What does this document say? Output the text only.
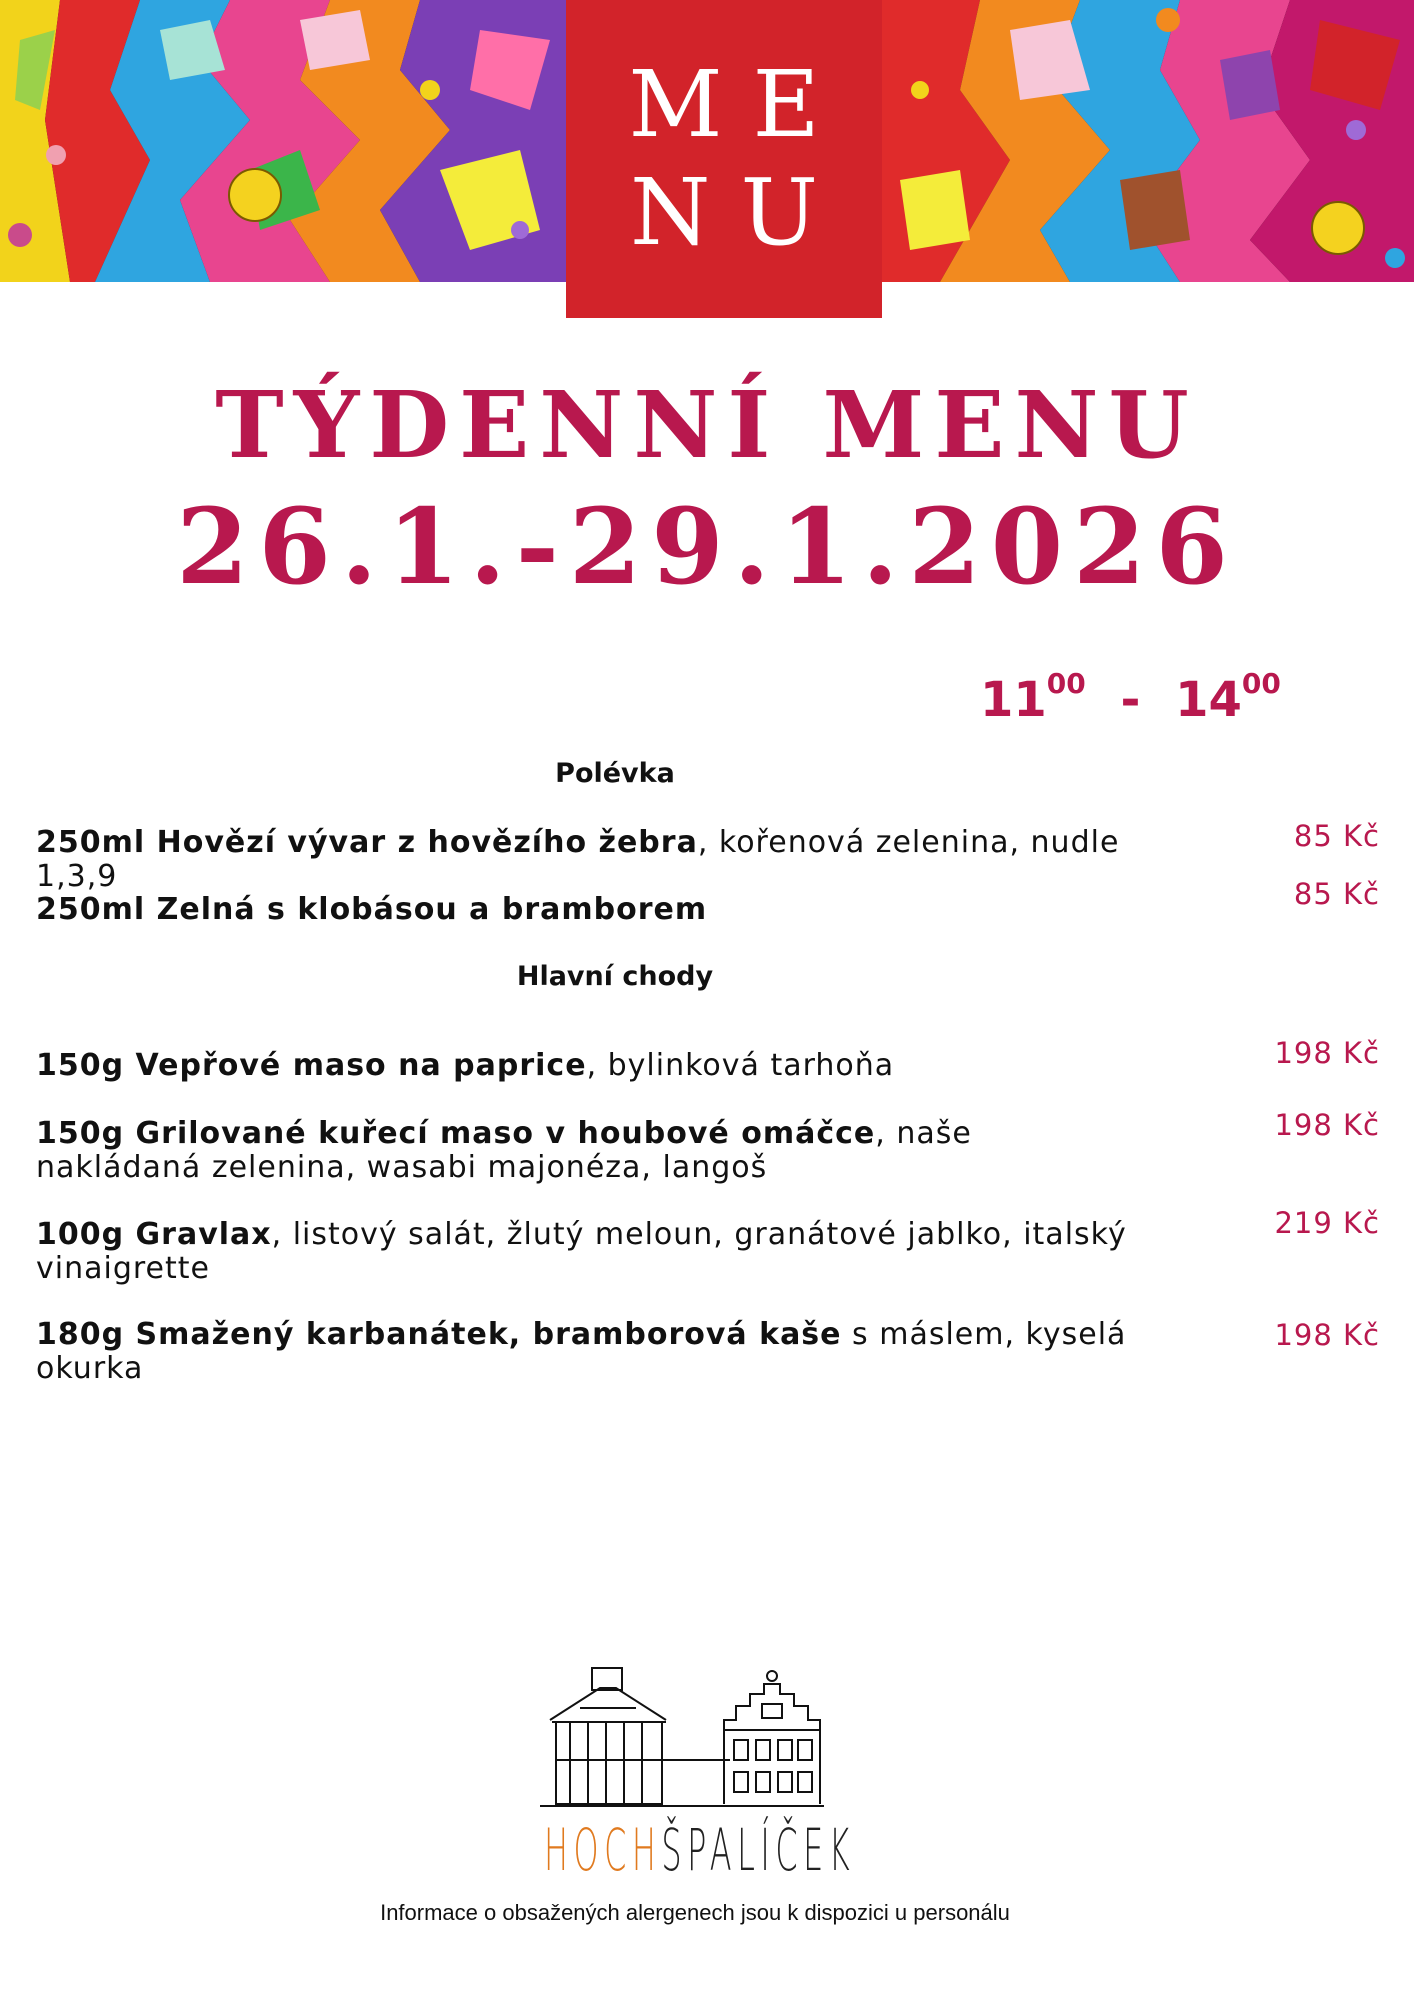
ME
NU
TÝDENNÍ MENU
26.1.-29.1.2026
$11^{00} - 14^{00}$
Polévka
250ml Hovězí vývar z hovězího žebra, kořenová zelenina, nudle 1,3,9
85 Kč
250ml Zelná s klobásou a bramborem	85 Kč
Hlavní chody
150g Vepřové maso na paprice, bylinková tarhoňa	198 Kč
150g Grilované kuřecí maso v houbové omáčce, naše nakládaná zelenina, wasabi majonéza, langoš
198 Kč
100g Gravlax, listový salát, žlutý meloun, granátové jablko, italský vinaigrette
219 Kč
180g Smažený karbanátek, bramborová kaše s máslem, kyselá okurka
198 Kč
HOCHŠPALÍČEK
Informace o obsažených alergenech jsou k dispozici u personálu
